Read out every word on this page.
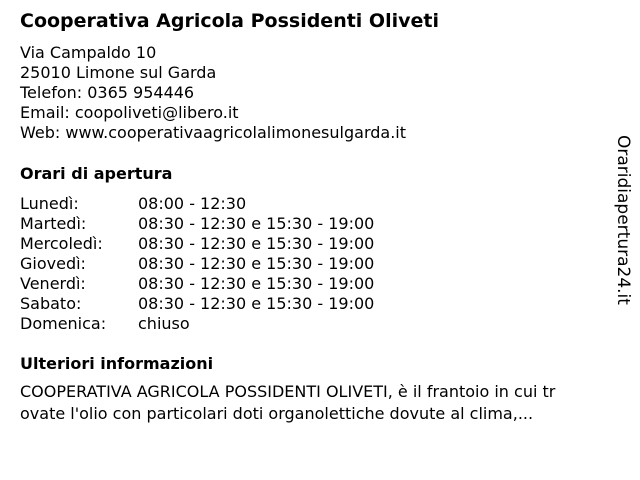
Cooperativa Agricola Possidenti Oliveti
Via Campaldo 10
25010 Limone sul Garda
Telefon: 0365 954446
Email: coopoliveti@libero.it
Web: www.cooperativaagricolalimonesulgarda.it
Orari di apertura
Lunedì:	08:00 - 12:30
Martedì:	08:30 - 12:30 e 15:30 - 19:00
Mercoledì:	08:30 - 12:30 e 15:30 - 19:00
Giovedì:	08:30 - 12:30 e 15:30 - 19:00
Venerdì:	08:30 - 12:30 e 15:30 - 19:00
Sabato:	08:30 - 12:30 e 15:30 - 19:00
Domenica:	chiuso
Ulteriori informazioni
COOPERATIVA AGRICOLA POSSIDENTI OLIVETI, è il frantoio in cui tr
ovate l'olio con particolari doti organolettiche dovute al clima,...
Oraridiapertura24.it
